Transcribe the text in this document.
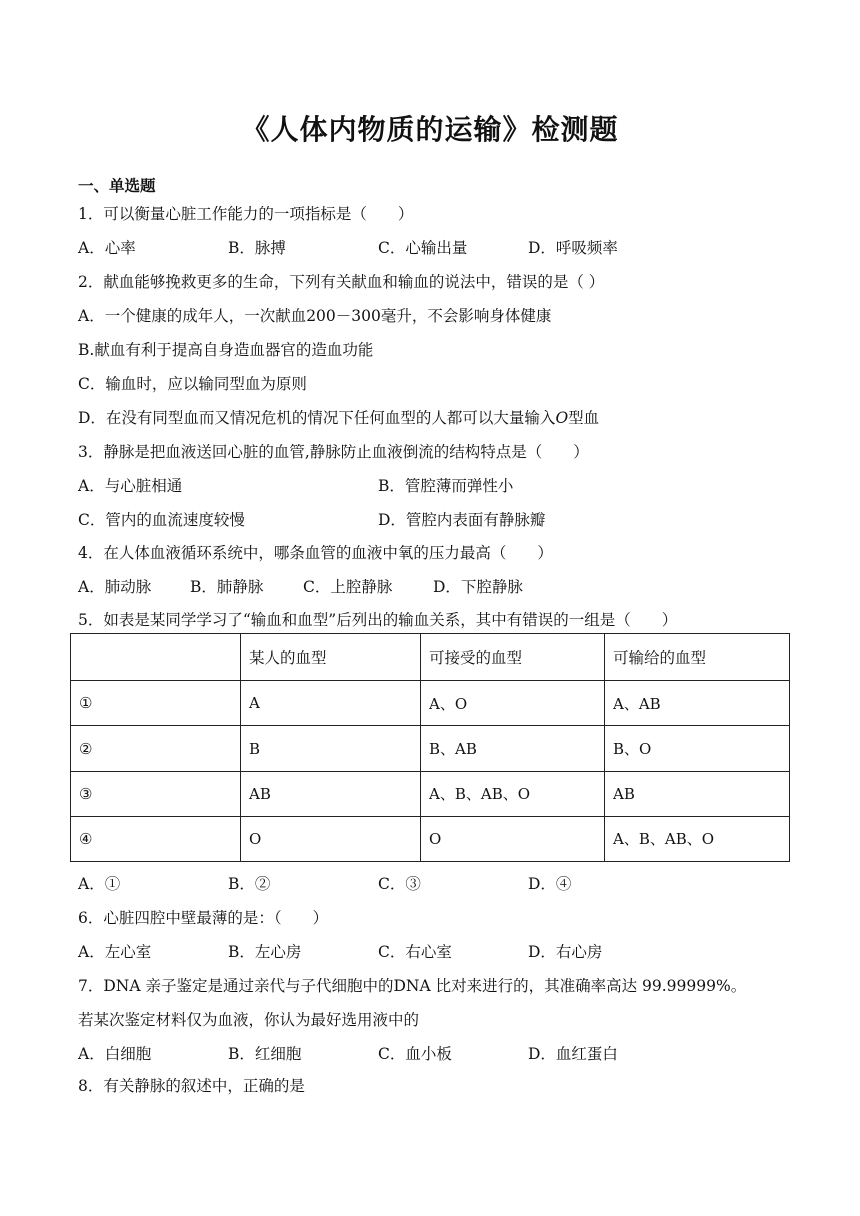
《人体内物质的运输》检测题
一、单选题
1．可以衡量心脏工作能力的一项指标是（　　）
A．心率	B．脉搏	C．心输出量	D．呼吸频率
2．献血能够挽救更多的生命，下列有关献血和输血的说法中，错误的是（ ）
A．一个健康的成年人，一次献血200－300毫升，不会影响身体健康
B.献血有利于提高自身造血器官的造血功能
C．输血时，应以输同型血为原则
D．在没有同型血而又情况危机的情况下任何血型的人都可以大量输入O型血
3．静脉是把血液送回心脏的血管,静脉防止血液倒流的结构特点是（　　）
A．与心脏相通	B．管腔薄而弹性小
C．管内的血流速度较慢	D．管腔内表面有静脉瓣
4．在人体血液循环系统中，哪条血管的血液中氧的压力最高（　　）
A．肺动脉	B．肺静脉	C．上腔静脉	D．下腔静脉
5．如表是某同学学习了“输血和血型”后列出的输血关系，其中有错误的一组是（　　）
	某人的血型	可接受的血型	可输给的血型
①	A	A、O	A、AB
②	B	B、AB	B、O
③	AB	A、B、AB、O	AB
④	O	O	A、B、AB、O
A．①	B．②	C．③	D．④
6．心脏四腔中壁最薄的是：（　　）
A．左心室	B．左心房	C．右心室	D．右心房
7．DNA 亲子鉴定是通过亲代与子代细胞中的DNA 比对来进行的，其准确率高达 99.99999%。
若某次鉴定材料仅为血液，你认为最好选用液中的
A．白细胞	B．红细胞	C．血小板	D．血红蛋白
8．有关静脉的叙述中，正确的是
